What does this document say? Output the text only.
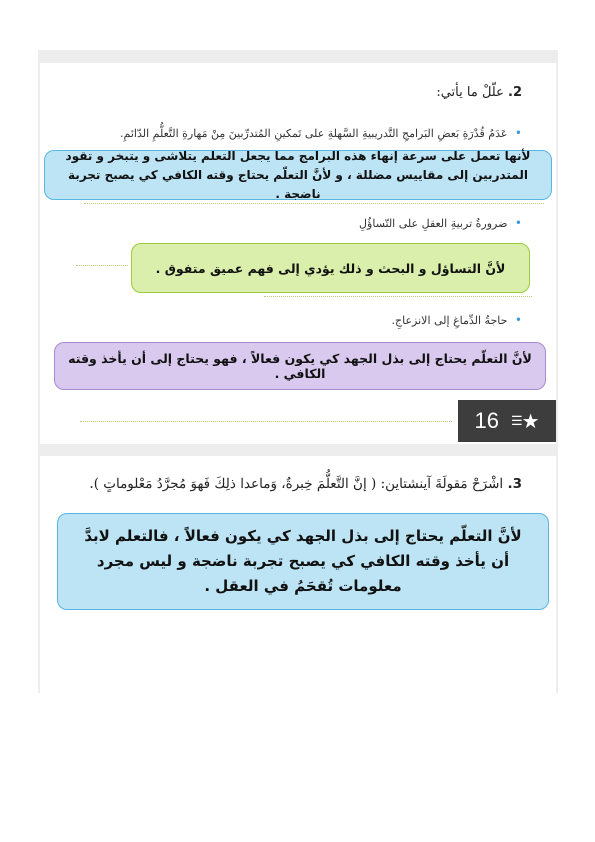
2. علّلْ ما يأتي:
• عَدَمُ قُدْرَةِ بَعضِ البَرامجِ التَّدريبيةِ السَّهلةِ على تَمكينِ المُتدرِّبينَ مِنْ مَهارةِ التَّعلُّمِ الدّائمِ.
لأنها تعمل على سرعة إنهاء هذه البرامج مما يجعل التعلم يتلاشى و يتبخر و تقود المتدربين إلى مقاييس مضللة ، و لأنَّ التعلّم يحتاج وقته الكافي كي يصبح تجربة ناضجة .
• ضرورةُ تربيةِ العقلِ على التّساؤُلِ
لأنَّ التساؤل و البحث و ذلك يؤدي إلى فهم عميق متفوق .
• حاجةُ الدِّماغِ إلى الانزعاجِ.
لأنَّ التعلّم يحتاج إلى بذل الجهد كي يكون فعالاً ، فهو يحتاج إلى أن يأخذ وقته الكافي .
16 ☰ ★
3. اشْرَحْ مَقولَةَ آينشتاين: ( إنَّ التَّعلُّمَ خِبرةٌ، وَماعدا ذلِكَ فَهوَ مُجرَّدُ مَعْلوماتٍ ).
لأنَّ التعلّم يحتاج إلى بذل الجهد كي يكون فعالاً ، فالتعلم لابدَّ أن يأخذ وقته الكافي كي يصبح تجربة ناضجة و ليس مجرد معلومات تُقحَمُ في العقل .
